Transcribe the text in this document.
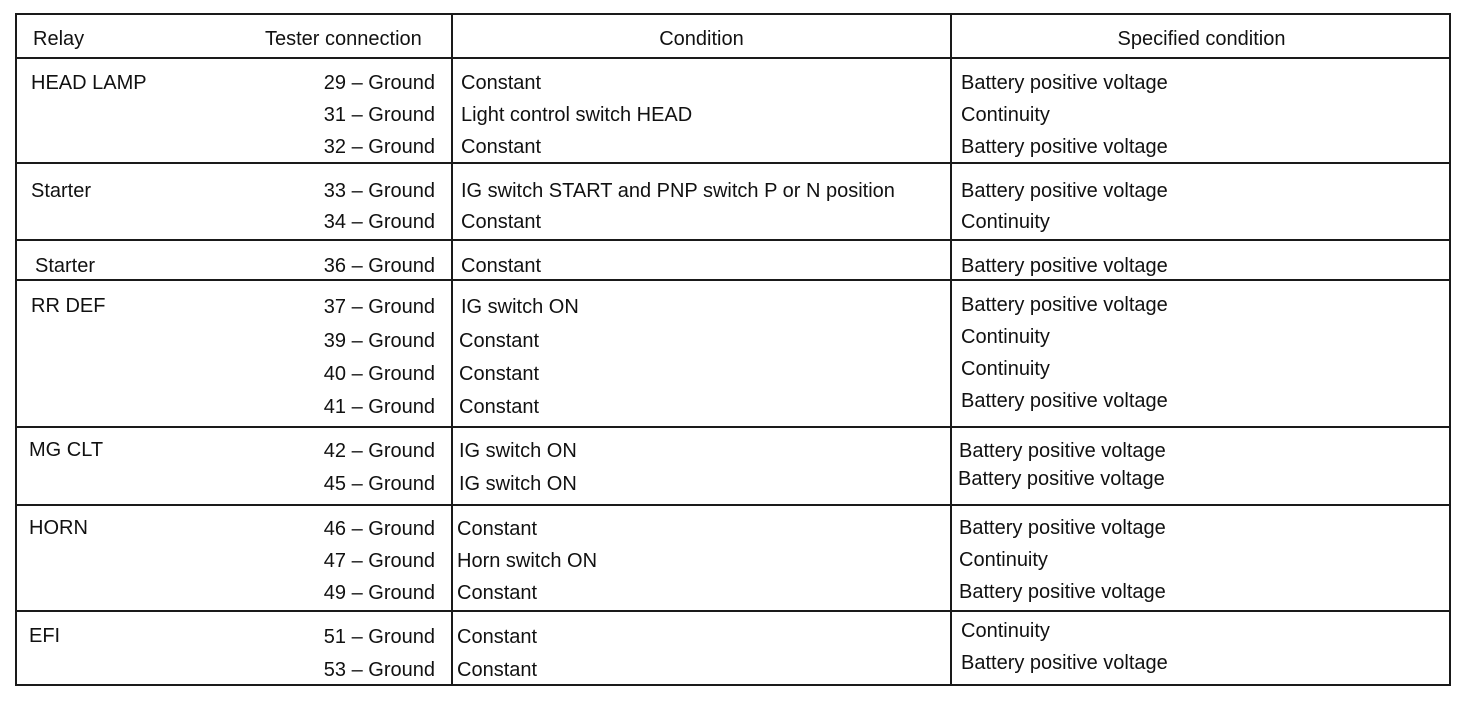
Relay	Tester connection	Condition	Specified condition
HEAD LAMP	29 – Ground Constant	Battery positive voltage
31 – Ground Light control switch HEAD	Continuity
32 – Ground Constant	Battery positive voltage
Starter	33 – Ground IG switch START and PNP switch P or N position	Battery positive voltage
34 – Ground Constant	Continuity
Starter	36 – Ground Constant	Battery positive voltage
RR DEF	37 – Ground IG switch ON	Battery positive voltage
39 – Ground Constant	Continuity
40 – Ground Constant	Continuity
41 – Ground Constant	Battery positive voltage
MG CLT	42 – Ground IG switch ON	Battery positive voltage
45 – Ground IG switch ON	Battery positive voltage
HORN	46 – Ground Constant	Battery positive voltage
47 – Ground Horn switch ON	Continuity
49 – Ground Constant	Battery positive voltage
EFI	51 – Ground Constant	Continuity
53 – Ground Constant	Battery positive voltage
